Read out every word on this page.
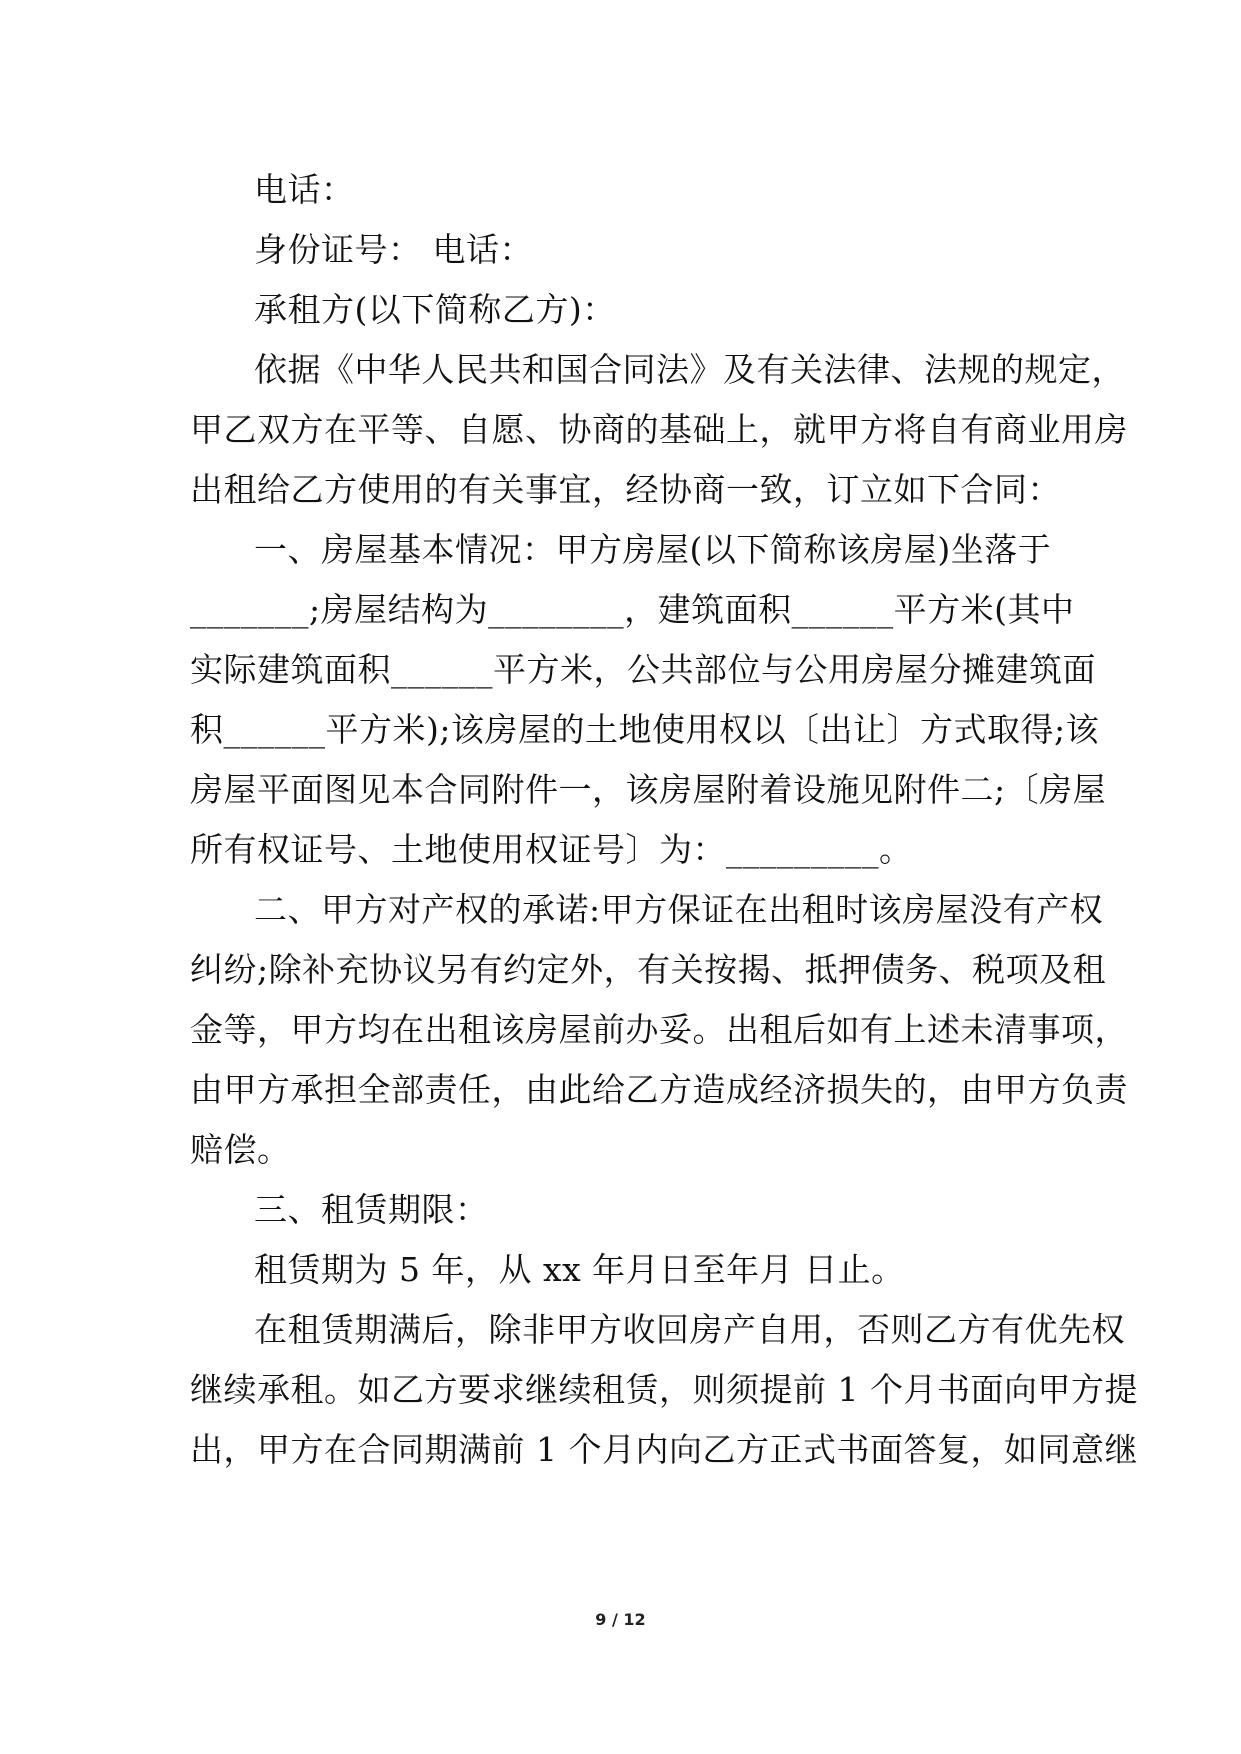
电话：
身份证号： 电话：
承租方(以下简称乙方)：
依据《中华人民共和国合同法》及有关法律、法规的规定，
甲乙双方在平等、自愿、协商的基础上，就甲方将自有商业用房
出租给乙方使用的有关事宜，经协商一致，订立如下合同：
一、房屋基本情况：甲方房屋(以下简称该房屋)坐落于
_______;房屋结构为________，建筑面积______平方米(其中
实际建筑面积______平方米，公共部位与公用房屋分摊建筑面
积______平方米);该房屋的土地使用权以〔出让〕方式取得;该
房屋平面图见本合同附件一，该房屋附着设施见附件二;〔房屋
所有权证号、土地使用权证号〕为：_________。
二、甲方对产权的承诺:甲方保证在出租时该房屋没有产权
纠纷;除补充协议另有约定外，有关按揭、抵押债务、税项及租
金等，甲方均在出租该房屋前办妥。出租后如有上述未清事项，
由甲方承担全部责任，由此给乙方造成经济损失的，由甲方负责
赔偿。
三、租赁期限：
租赁期为 5 年，从 xx 年月日至年月 日止。
在租赁期满后，除非甲方收回房产自用，否则乙方有优先权
继续承租。如乙方要求继续租赁，则须提前 1 个月书面向甲方提
出，甲方在合同期满前 1 个月内向乙方正式书面答复，如同意继
9 / 12
